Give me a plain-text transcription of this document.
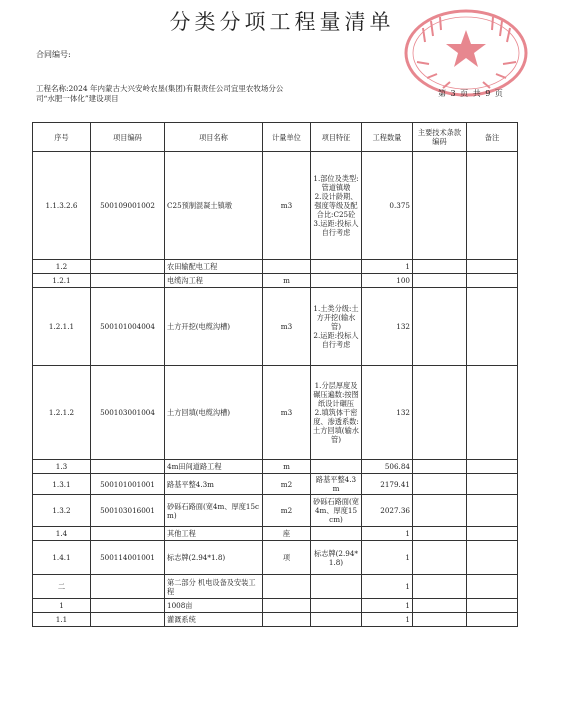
分类分项工程量清单
合同编号:
工程名称:2024 年内蒙古大兴安岭农垦(集团)有限责任公司宜里农牧场分公司“水肥一体化”建设项目	第 3 页 共 9 页
序号	项目编码	项目名称	计量单位	项目特征	工程数量	主要技术条款编码	备注
1.1.3.2.6	500109001002	C25预制混凝土镇墩	m3	1.部位及类型:管道镇墩
2.设计龄期、强度等级及配合比:C25砼
3.运距:投标人自行考虑	0.375		
1.2		农田输配电工程			1		
1.2.1		电缆沟工程	m		100		
1.2.1.1	500101004004	土方开挖(电缆沟槽)	m3	1.土类分级:土方开挖(输水管)
2.运距:投标人自行考虑	132		
1.2.1.2	500103001004	土方回填(电缆沟槽)	m3	1.分层厚度及碾压遍数:按图纸设计碾压
2.填筑体干密度、渗透系数:土方回填(输水管)	132		
1.3		4m田间道路工程	m		506.84		
1.3.1	500101001001	路基平整4.3m	m2	路基平整4.3m	2179.41		
1.3.2	500103016001	砂砾石路面(宽4m、厚度15cm)	m2	砂砾石路面(宽4m、厚度15cm)	2027.36		
1.4		其他工程	座		1		
1.4.1	500114001001	标志牌(2.94*1.8)	项	标志牌(2.94*1.8)	1		
二		第二部分 机电设备及安装工程			1		
1		1008亩			1		
1.1		灌溉系统			1		
